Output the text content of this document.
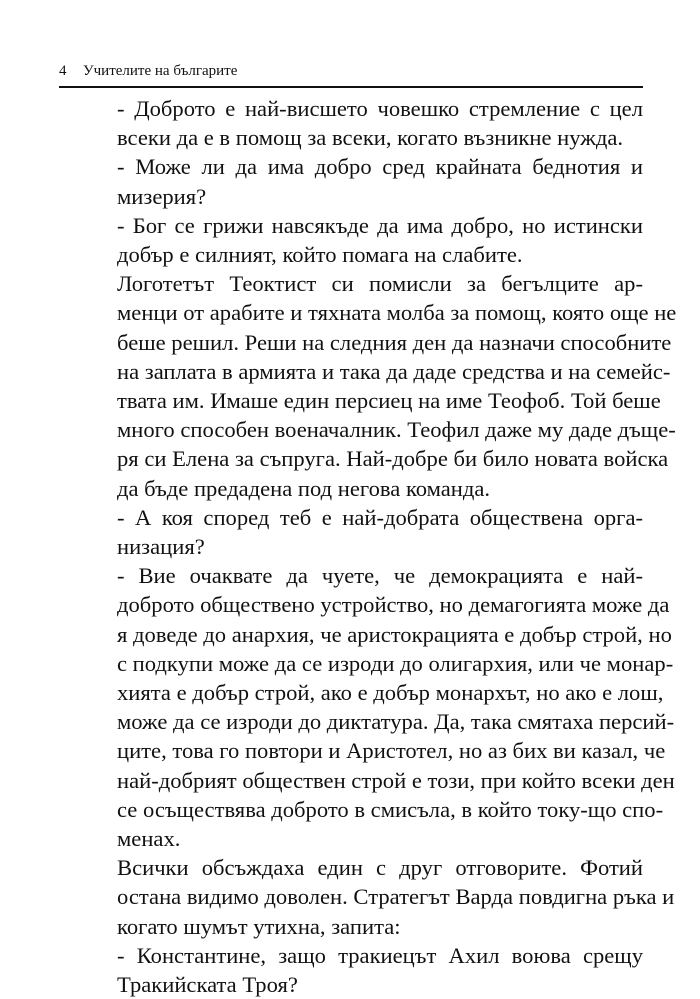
4 Учителите на българите

- Доброто е най-висшето човешко стремление с цел
всеки да е в помощ за всеки, когато възникне нужда.

- Може ли да има добро сред крайната беднотия и
мизерия?

- Бог се грижи навсякъде да има добро, но истински
добър е силният, който помага на слабите.

Логотетът Теоктист си помисли за бегълците ар-
менци от арабите и тяхната молба за помощ, която още не
беше решил. Реши на следния ден да назначи способните
на заплата в армията и така да даде средства и на семейс-
твата им. Имаше един персиец на име Теофоб. Той беше
много способен военачалник. Теофил даже му даде дъще-
ря си Елена за съпруга. Най-добре би било новата войска
да бъде предадена под негова команда.

- А коя според теб е най-добрата обществена орга-
низация?

- Вие очаквате да чуете, че демокрацията е най-
доброто обществено устройство, но демагогията може да
я доведе до анархия, че аристокрацията е добър строй, но
с подкупи може да се изроди до олигархия, или че монар-
хията е добър строй, ако е добър монархът, но ако е лош,
може да се изроди до диктатура. Да, така смятаха персий-
ците, това го повтори и Аристотел, но аз бих ви казал, че
най-добрият обществен строй е този, при който всеки ден
се осъществява доброто в смисъла, в който току-що спо-
менах.

Всички обсъждаха един с друг отговорите. Фотий
остана видимо доволен. Стратегът Варда повдигна ръка и
когато шумът утихна, запита:

- Константине, защо тракиецът Ахил воюва срещу
Тракийската Троя?
